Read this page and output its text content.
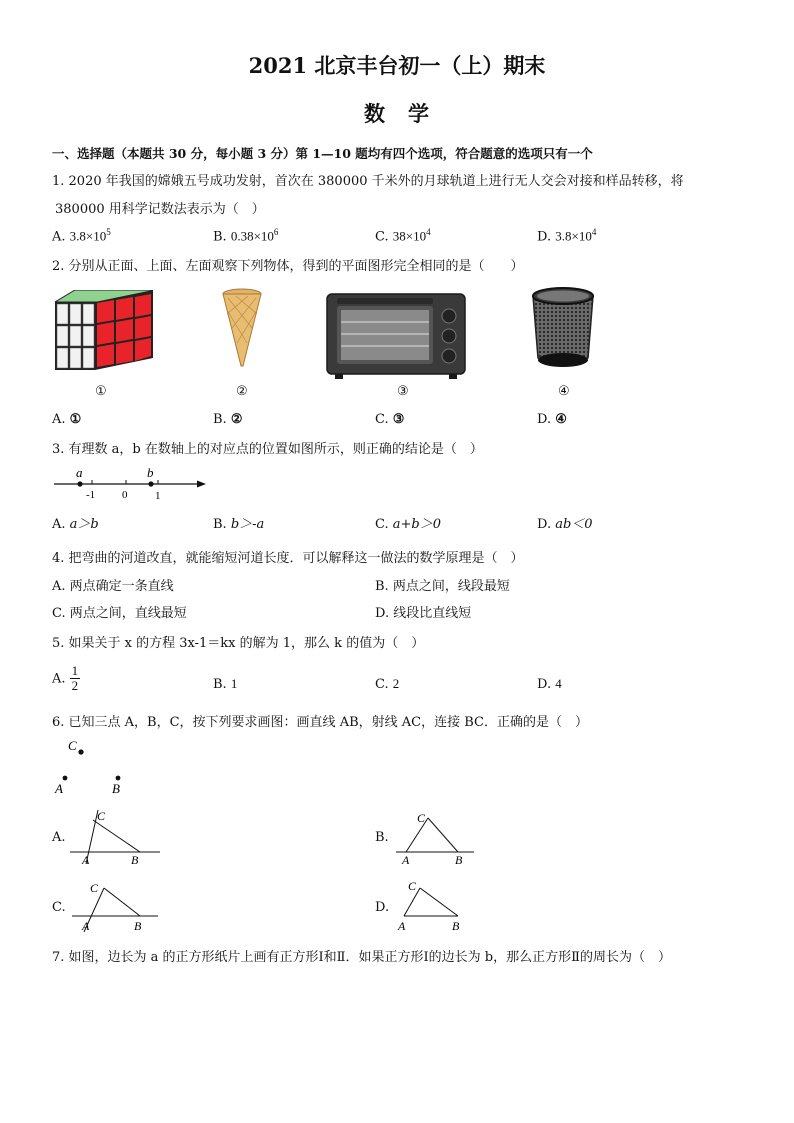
2021 北京丰台初一（上）期末
数　学
一、选择题（本题共 30 分，每小题 3 分）第 1—10 题均有四个选项，符合题意的选项只有一个
1. 2020 年我国的嫦娥五号成功发射，首次在 380000 千米外的月球轨道上进行无人交会对接和样品转移，将
380000 用科学记数法表示为（　）
A. $3.8\times 10^5$	B. $0.38\times 10^6$	C. $38\times 10^4$	D. $3.8\times 10^4$
2. 分别从正面、上面、左面观察下列物体，得到的平面图形完全相同的是（　　）
①	②	③	④
A. ①	B. ②	C. ③	D. ④
3. 有理数 a，b 在数轴上的对应点的位置如图所示，则正确的结论是（　）
a	b
-1 0	1
A. a＞b	B. b＞-a	C. a+b＞0	D. ab＜0
4. 把弯曲的河道改直，就能缩短河道长度．可以解释这一做法的数学原理是（　）
A. 两点确定一条直线	B. 两点之间，线段最短
C. 两点之间，直线最短	D. 线段比直线短
5. 如果关于 x 的方程 3x-1＝kx 的解为 1，那么 k 的值为（　）
A. $\frac{1}{2}$	B. 1	C. 2	D. 4
6. 已知三点 A，B，C，按下列要求画图：画直线 AB，射线 AC，连接 BC．正确的是（　）
C
A	B
A.
C
A	B
B.
C
A	B
C.
C
A	B
D.
C
A	B
7. 如图，边长为 a 的正方形纸片上画有正方形Ⅰ和Ⅱ．如果正方形Ⅰ的边长为 b，那么正方形Ⅱ的周长为（　）
